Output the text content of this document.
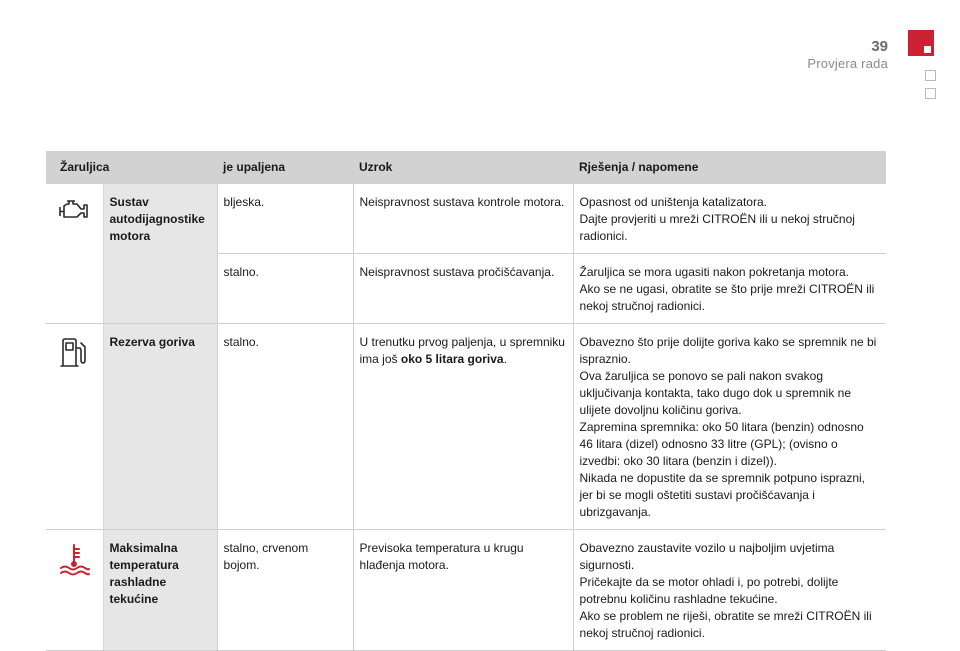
39
Provjera rada
Žaruljica		je upaljena	Uzrok	Rješenja / napomene
	Sustav autodijagnostike motora	bljeska.	Neispravnost sustava kontrole motora.	Opasnost od uništenja katalizatora.
Dajte provjeriti u mreži CITROËN ili u nekoj stručnoj radionici.

		stalno.	Neispravnost sustava pročišćavanja.	Žaruljica se mora ugasiti nakon pokretanja motora.
Ako se ne ugasi, obratite se što prije mreži CITROËN ili nekoj stručnoj radionici.

	Rezerva goriva	stalno.	U trenutku prvog paljenja, u spremniku ima još oko 5 litara goriva.	Obavezno što prije dolijte goriva kako se spremnik ne bi ispraznio.
Ova žaruljica se ponovo se pali nakon svakog uključivanja kontakta, tako dugo dok u spremnik ne ulijete dovoljnu količinu goriva.
Zapremina spremnika: oko 50 litara (benzin) odnosno 46 litara (dizel) odnosno 33 litre (GPL); (ovisno o izvedbi: oko 30 litara (benzin i dizel)).
Nikada ne dopustite da se spremnik potpuno isprazni, jer bi se mogli oštetiti sustavi pročišćavanja i ubrizgavanja.

	Maksimalna temperatura rashladne tekućine	stalno, crvenom bojom.	Previsoka temperatura u krugu hlađenja motora.	Obavezno zaustavite vozilo u najboljim uvjetima sigurnosti.
Pričekajte da se motor ohladi i, po potrebi, dolijte potrebnu količinu rashladne tekućine.
Ako se problem ne riješi, obratite se mreži CITROËN ili nekoj stručnoj radionici.
